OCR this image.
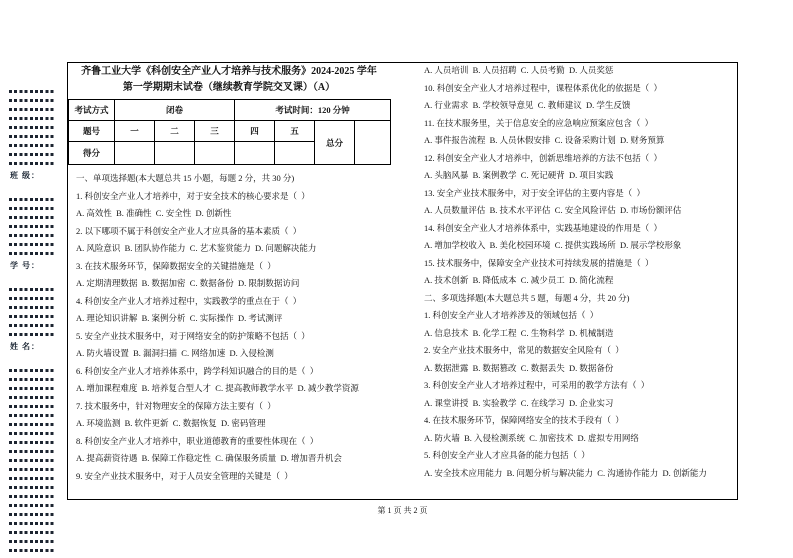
班 级：
学 号：
姓 名：
齐鲁工业大学《科创安全产业人才培养与技术服务》2024-2025 学年
第一学期期末试卷（继续教育学院交叉课）（A）
考试方式	闭卷			考试时间：120 分钟			
题号	一	二	三	四	五	总分	
得分							
一、单项选择题(本大题总共 15 小题，每题 2 分，共 30 分)
1. 科创安全产业人才培养中，对于安全技术的核心要求是（  ）
A. 高效性  B. 准确性  C. 安全性  D. 创新性
2. 以下哪项不属于科创安全产业人才应具备的基本素质（  ）
A. 风险意识  B. 团队协作能力  C. 艺术鉴赏能力  D. 问题解决能力
3. 在技术服务环节，保障数据安全的关键措施是（  ）
A. 定期清理数据  B. 数据加密  C. 数据备份  D. 限制数据访问
4. 科创安全产业人才培养过程中，实践教学的重点在于（  ）
A. 理论知识讲解  B. 案例分析  C. 实际操作  D. 考试测评
5. 安全产业技术服务中，对于网络安全的防护策略不包括（  ）
A. 防火墙设置  B. 漏洞扫描  C. 网络加速  D. 入侵检测
6. 科创安全产业人才培养体系中，跨学科知识融合的目的是（  ）
A. 增加课程难度  B. 培养复合型人才  C. 提高教师教学水平  D. 减少教学资源
7. 技术服务中，针对物理安全的保障方法主要有（  ）
A. 环境监测  B. 软件更新  C. 数据恢复  D. 密码管理
8. 科创安全产业人才培养中，职业道德教育的重要性体现在（  ）
A. 提高薪资待遇  B. 保障工作稳定性  C. 确保服务质量  D. 增加晋升机会
9. 安全产业技术服务中，对于人员安全管理的关键是（  ）
A. 人员培训  B. 人员招聘  C. 人员考勤  D. 人员奖惩
10. 科创安全产业人才培养过程中，课程体系优化的依据是（  ）
A. 行业需求  B. 学校领导意见  C. 教师建议  D. 学生反馈
11. 在技术服务里，关于信息安全的应急响应预案应包含（  ）
A. 事件报告流程  B. 人员休假安排  C. 设备采购计划  D. 财务预算
12. 科创安全产业人才培养中，创新思维培养的方法不包括（  ）
A. 头脑风暴  B. 案例教学  C. 死记硬背  D. 项目实践
13. 安全产业技术服务中，对于安全评估的主要内容是（  ）
A. 人员数量评估  B. 技术水平评估  C. 安全风险评估  D. 市场份额评估
14. 科创安全产业人才培养体系中，实践基地建设的作用是（  ）
A. 增加学校收入  B. 美化校园环境  C. 提供实践场所  D. 展示学校形象
15. 技术服务中，保障安全产业技术可持续发展的措施是（  ）
A. 技术创新  B. 降低成本  C. 减少员工  D. 简化流程
二、多项选择题(本大题总共 5 题，每题 4 分，共 20 分)
1. 科创安全产业人才培养涉及的领域包括（  ）
A. 信息技术  B. 化学工程  C. 生物科学  D. 机械制造
2. 安全产业技术服务中，常见的数据安全风险有（  ）
A. 数据泄露  B. 数据篡改  C. 数据丢失  D. 数据备份
3. 科创安全产业人才培养过程中，可采用的教学方法有（  ）
A. 课堂讲授  B. 实验教学  C. 在线学习  D. 企业实习
4. 在技术服务环节，保障网络安全的技术手段有（  ）
A. 防火墙  B. 入侵检测系统  C. 加密技术  D. 虚拟专用网络
5. 科创安全产业人才应具备的能力包括（  ）
A. 安全技术应用能力  B. 问题分析与解决能力  C. 沟通协作能力  D. 创新能力
第 1 页 共 2 页
